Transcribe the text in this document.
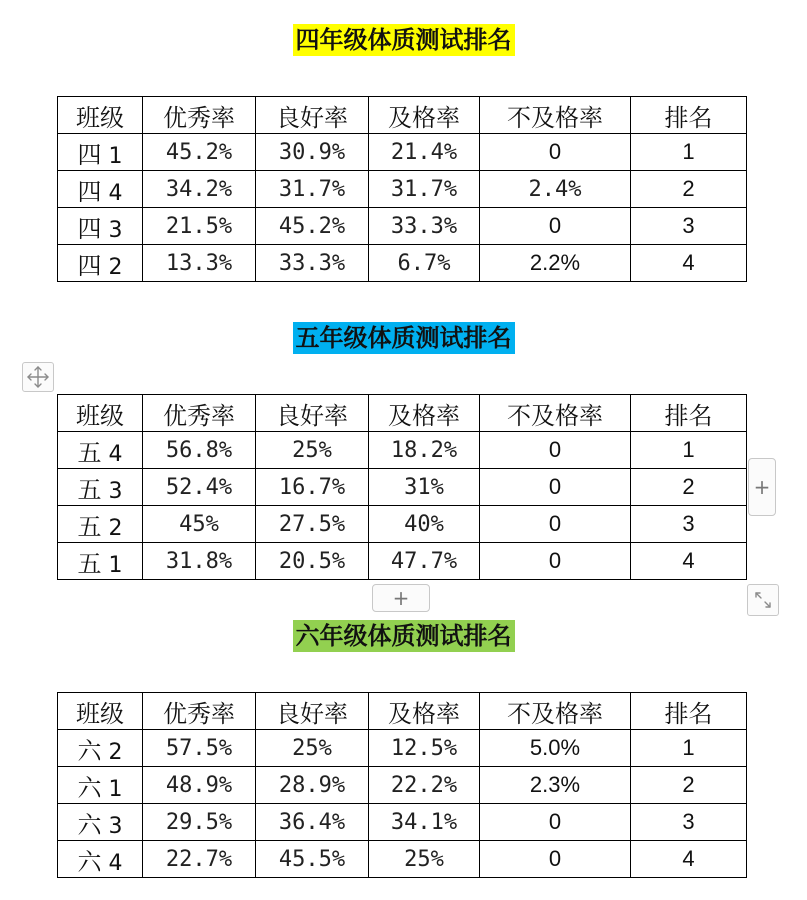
四年级体质测试排名
班级	优秀率	良好率	及格率	不及格率	排名
四 1	45.2%	30.9%	21.4%	0	1
四 4	34.2%	31.7%	31.7%	2.4%	2
四 3	21.5%	45.2%	33.3%	0	3
四 2	13.3%	33.3%	6.7%	2.2%	4
五年级体质测试排名
班级	优秀率	良好率	及格率	不及格率	排名
五 4	56.8%	25%	18.2%	0	1
五 3	52.4%	16.7%	31%	0	2
五 2	45%	27.5%	40%	0	3
五 1	31.8%	20.5%	47.7%	0	4
+
+
六年级体质测试排名
班级	优秀率	良好率	及格率	不及格率	排名
六 2	57.5%	25%	12.5%	5.0%	1
六 1	48.9%	28.9%	22.2%	2.3%	2
六 3	29.5%	36.4%	34.1%	0	3
六 4	22.7%	45.5%	25%	0	4
